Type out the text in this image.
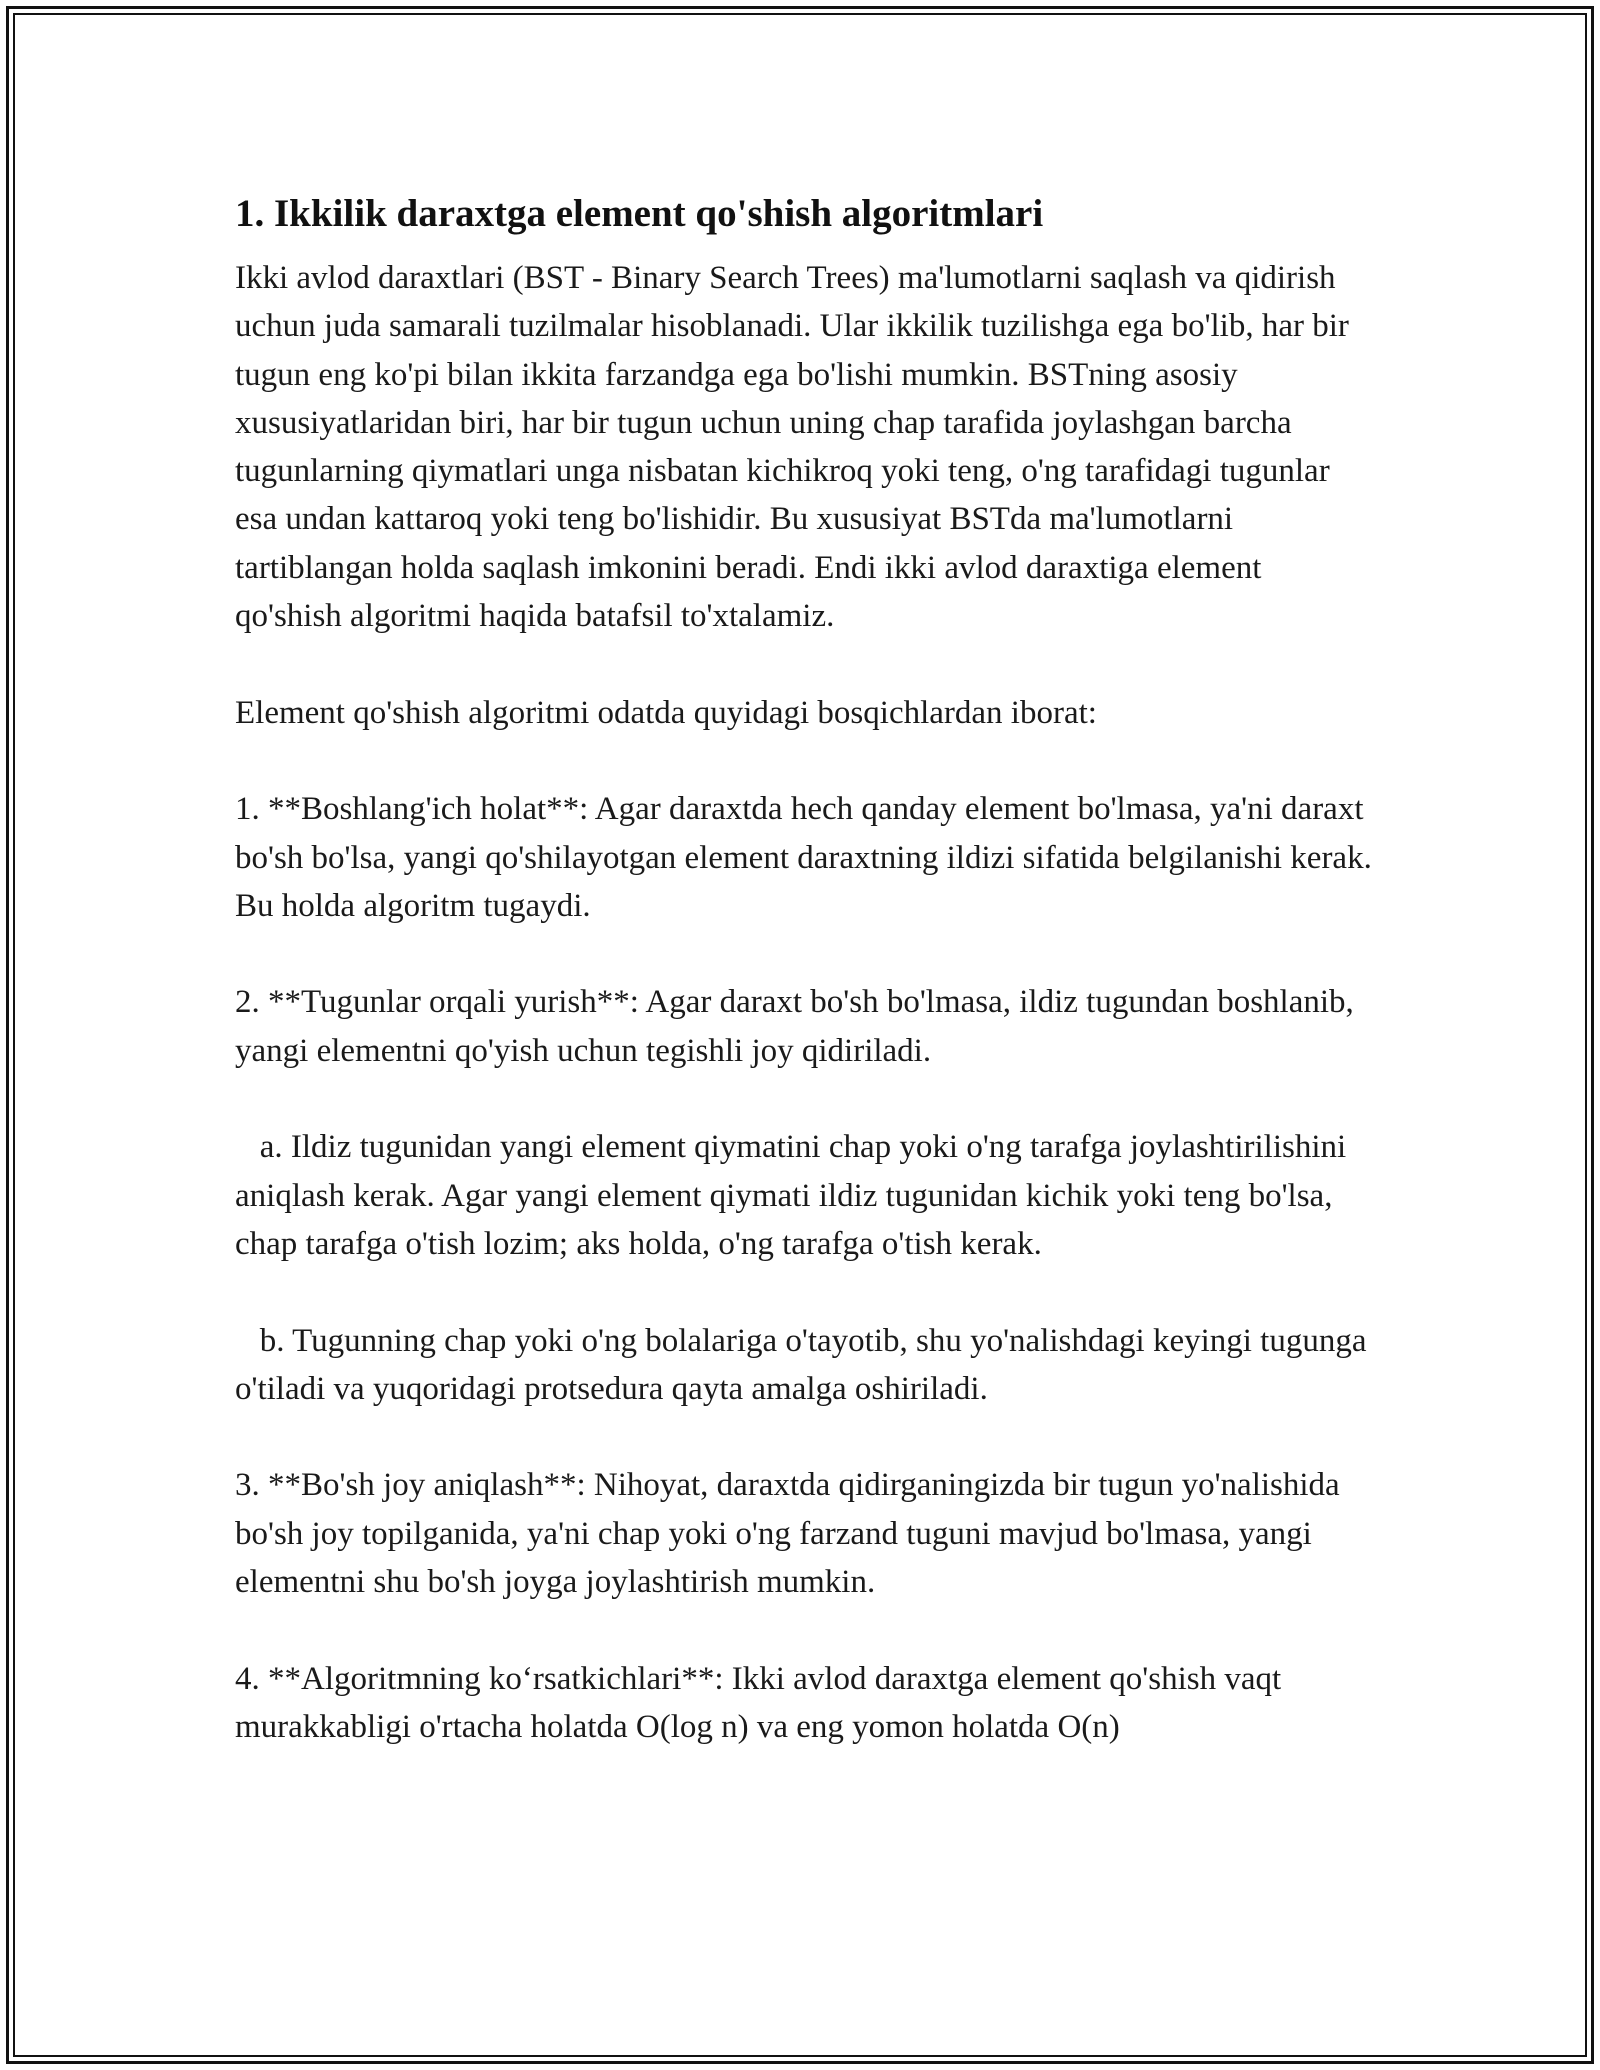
1. Ikkilik daraxtga element qo'shish algoritmlari

Ikki avlod daraxtlari (BST - Binary Search Trees) ma'lumotlarni saqlash va qidirish uchun juda samarali tuzilmalar hisoblanadi. Ular ikkilik tuzilishga ega bo'lib, har bir tugun eng ko'pi bilan ikkita farzandga ega bo'lishi mumkin. BSTning asosiy xususiyatlaridan biri, har bir tugun uchun uning chap tarafida joylashgan barcha tugunlarning qiymatlari unga nisbatan kichikroq yoki teng, o'ng tarafidagi tugunlar esa undan kattaroq yoki teng bo'lishidir. Bu xususiyat BSTda ma'lumotlarni tartiblangan holda saqlash imkonini beradi. Endi ikki avlod daraxtiga element qo'shish algoritmi haqida batafsil to'xtalamiz.

Element qo'shish algoritmi odatda quyidagi bosqichlardan iborat:

1. **Boshlang'ich holat**: Agar daraxtda hech qanday element bo'lmasa, ya'ni daraxt bo'sh bo'lsa, yangi qo'shilayotgan element daraxtning ildizi sifatida belgilanishi kerak. Bu holda algoritm tugaydi.

2. **Tugunlar orqali yurish**: Agar daraxt bo'sh bo'lmasa, ildiz tugundan boshlanib, yangi elementni qo'yish uchun tegishli joy qidiriladi.

a. Ildiz tugunidan yangi element qiymatini chap yoki o'ng tarafga joylashtirilishini aniqlash kerak. Agar yangi element qiymati ildiz tugunidan kichik yoki teng bo'lsa, chap tarafga o'tish lozim; aks holda, o'ng tarafga o'tish kerak.

b. Tugunning chap yoki o'ng bolalariga o'tayotib, shu yo'nalishdagi keyingi tugunga o'tiladi va yuqoridagi protsedura qayta amalga oshiriladi.

3. **Bo'sh joy aniqlash**: Nihoyat, daraxtda qidirganingizda bir tugun yo'nalishida bo'sh joy topilganida, ya'ni chap yoki o'ng farzand tuguni mavjud bo'lmasa, yangi elementni shu bo'sh joyga joylashtirish mumkin.

4. **Algoritmning ko‘rsatkichlari**: Ikki avlod daraxtga element qo'shish vaqt murakkabligi o'rtacha holatda O(log n) va eng yomon holatda O(n)
